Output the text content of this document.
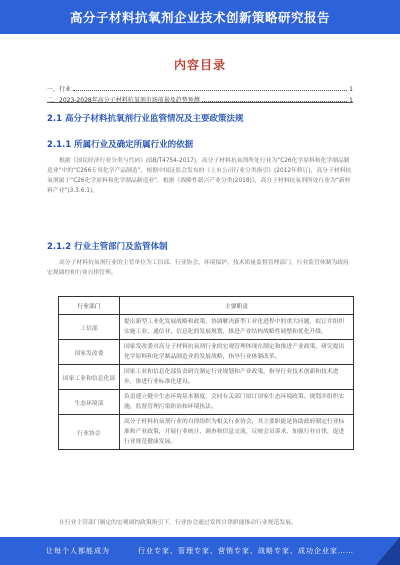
高分子材料抗氧剂企业技术创新策略研究报告
内容目录
一、行业	1
二、2023-2028年高分子材料抗氧剂市场前景及趋势预测	1
2.1 高分子材料抗氧剂行业监管情况及主要政策法规
2.1.1 所属行业及确定所属行业的依据
根据《国民经济行业分类与代码》(GB/T4754-2017)，高分子材料抗氧剂所处行业为“C26化学原料和化学制品制造业”中的“C266专用化学产品制造”，根据中国证监会发布的《上市公司行业分类指引》(2012年修订)，高分子材料抗氧剂属于“C26化学原料和化学制品制造业”，根据《战略性新兴产业分类(2018)》，高分子材料抗氧剂所处行业为“新材料产业”(3.3.6.1)。
2.1.2 行业主管部门及监管体制
高分子材料抗氧剂行业的主管单位为工信部、行业协会、环境保护、技术质量监督管理部门，行业监管体制为政府宏观调控和行业自律管理。
行业部门	主要职责
工信部	提出新型工业化发展战略和政策，协调解决新型工业化进程中的重大问题，拟订并组织实施工业、通信业、信息化的发展规划，推进产业结构战略性调整和优化升级。
国家发改委	国家发改委对高分子材料抗氧剂行业的宏观管理体现在制定和推进产业政策，研究提出化学原料和化学制品制造业的发展战略，指导行业体制改革。
国家工业和信息化部	国家工业和信息化部负责研究制定行业规划和产业政策，指导行业技术创新和技术进步，推进行业标准化建设。
生态环境部	负责建立健全生态环境基本制度，会同有关部门拟订国家生态环境政策、规划并组织实施，监督管理污染防治和环境执法。
行业协会	高分子材料抗氧剂行业的自律组织为相关行业协会，其主要职能是协助政府制定行业标准和产业政策，开展行业统计、调查和信息交流，反映会员诉求，加强行业自律，促进行业规范健康发展。
在行业主管部门制定的宏观调控政策指引下，行业协会通过发挥自律职能推动行业规范发展。
让每个人都能成为	行业专家、管理专家、营销专家、战略专家、成功企业家……
